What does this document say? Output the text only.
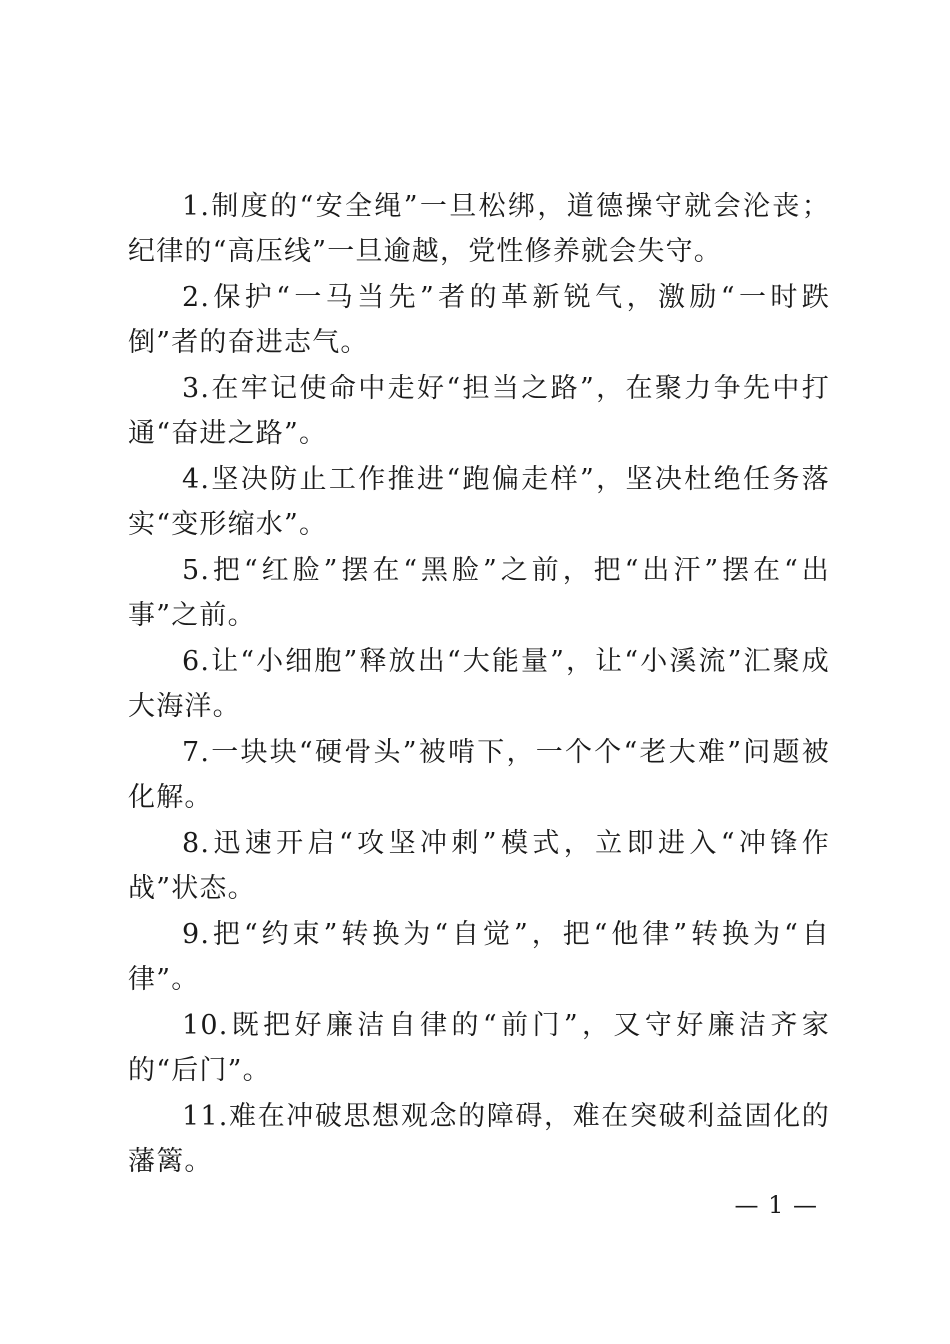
1.制度的“安全绳”一旦松绑，道德操守就会沦丧；纪律的“高压线”一旦逾越，党性修养就会失守。

2.保护“一马当先”者的革新锐气，激励“一时跌倒”者的奋进志气。

3.在牢记使命中走好“担当之路”，在聚力争先中打通“奋进之路”。

4.坚决防止工作推进“跑偏走样”，坚决杜绝任务落实“变形缩水”。

5.把“红脸”摆在“黑脸”之前，把“出汗”摆在“出事”之前。

6.让“小细胞”释放出“大能量”，让“小溪流”汇聚成大海洋。

7.一块块“硬骨头”被啃下，一个个“老大难”问题被化解。

8.迅速开启“攻坚冲刺”模式，立即进入“冲锋作战”状态。

9.把“约束”转换为“自觉”，把“他律”转换为“自律”。

10.既把好廉洁自律的“前门”，又守好廉洁齐家的“后门”。

11.难在冲破思想观念的障碍，难在突破利益固化的藩篱。

— 1 —
